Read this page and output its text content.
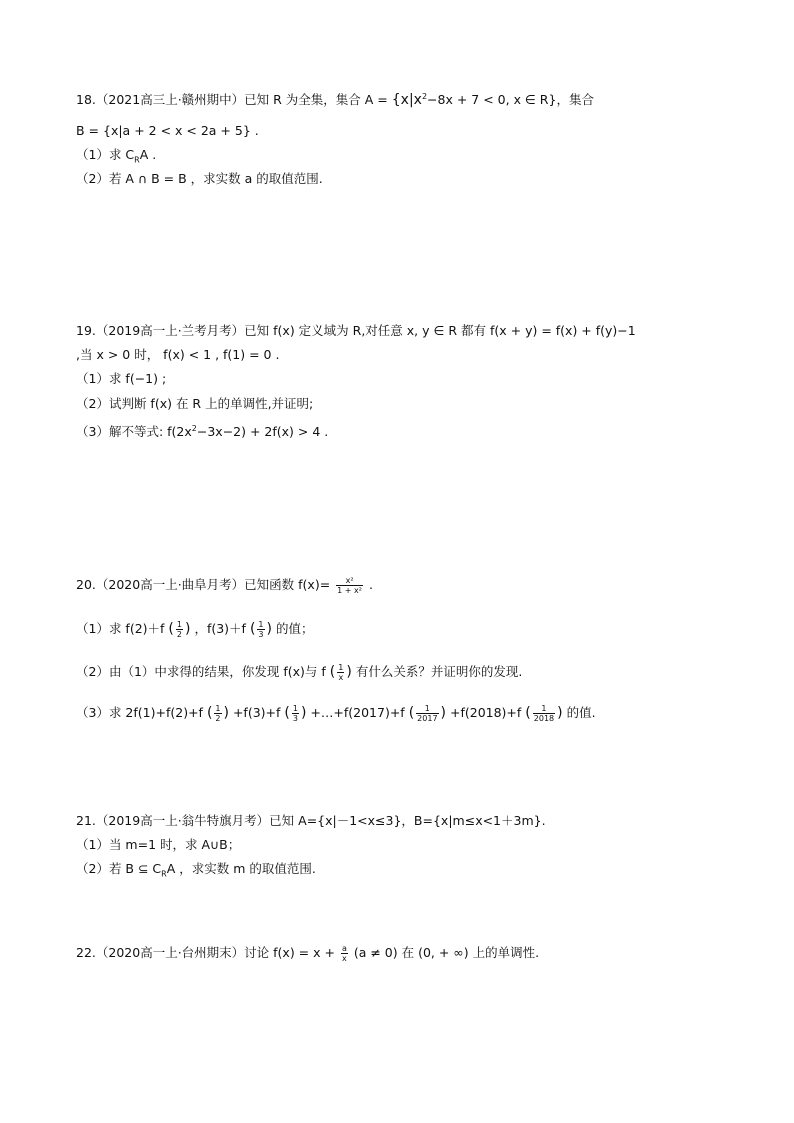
18.（2021高三上·赣州期中）已知 R 为全集，集合 $A = \{x|x^2-8x + 7 < 0$, x ∈ R}，集合
B = {x|a + 2 < x < 2a + 5} .
（1）求 $C_RA$ .
（2）若 A ∩ B = B ，求实数 a 的取值范围.
19.（2019高一上·兰考月考）已知 f(x) 定义域为 R,对任意 x, y ∈ R 都有 f(x + y) = f(x) + f(y)−1
,当 x > 0 时， f(x) < 1 , f(1) = 0 .
（1）求 f(−1) ;
（2）试判断 f(x) 在 R 上的单调性,并证明;
（3）解不等式: $f(2x^2-3x-2) + 2f(x) > 4$ .
20.（2020高一上·曲阜月考）已知函数 $f(x)= \frac{\text{x²}}{\text{1 + x²}}$ .
（1）求 f(2)＋f ( $\frac{1}{2}$ ) ，f(3)＋f ( $\frac{1}{3}$ ) 的值；
（2）由（1）中求得的结果，你发现 f(x)与 f ( $\frac{1}{x}$ ) 有什么关系？并证明你的发现.
（3）求 2f(1)+f(2)+f ( $\frac{1}{2}$ ) +f(3)+f ( $\frac{1}{3}$ ) +…+f(2017)+f ( $\frac{1}{2017}$ ) +f(2018)+f ( $\frac{1}{2018}$ ) 的值.
21.（2019高一上·翁牛特旗月考）已知 A={x|－1<x≤3}，B={x|m≤x<1＋3m}.
（1）当 m=1 时，求 A∪B；
（2）若 B ⊆ $C_RA$ ，求实数 m 的取值范围.
22.（2020高一上·台州期末）讨论 $f(x) = x + \frac{a}{x} (a \ne 0)$ 在 (0, + ∞) 上的单调性.
